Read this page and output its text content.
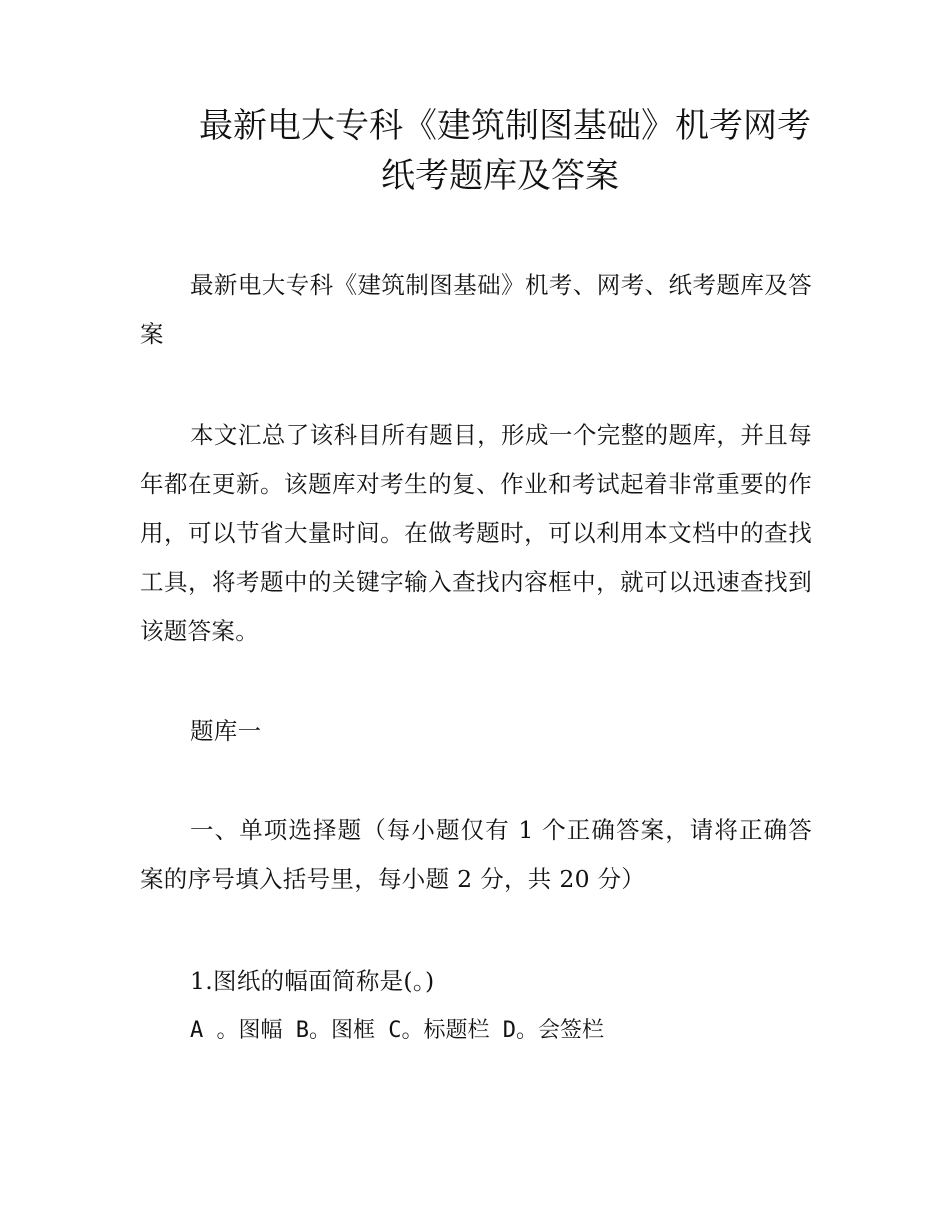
最新电大专科《建筑制图基础》机考网考
纸考题库及答案

最新电大专科《建筑制图基础》机考、网考、纸考题库及答案

本文汇总了该科目所有题目，形成一个完整的题库，并且每年都在更新。该题库对考生的复、作业和考试起着非常重要的作用，可以节省大量时间。在做考题时，可以利用本文档中的查找工具，将考题中的关键字输入查找内容框中，就可以迅速查找到该题答案。

题库一

一、单项选择题（每小题仅有 1 个正确答案，请将正确答案的序号填入括号里，每小题 2 分，共 20 分）

1.图纸的幅面简称是(。)

A 。图幅 B。图框 C。标题栏 D。会签栏
